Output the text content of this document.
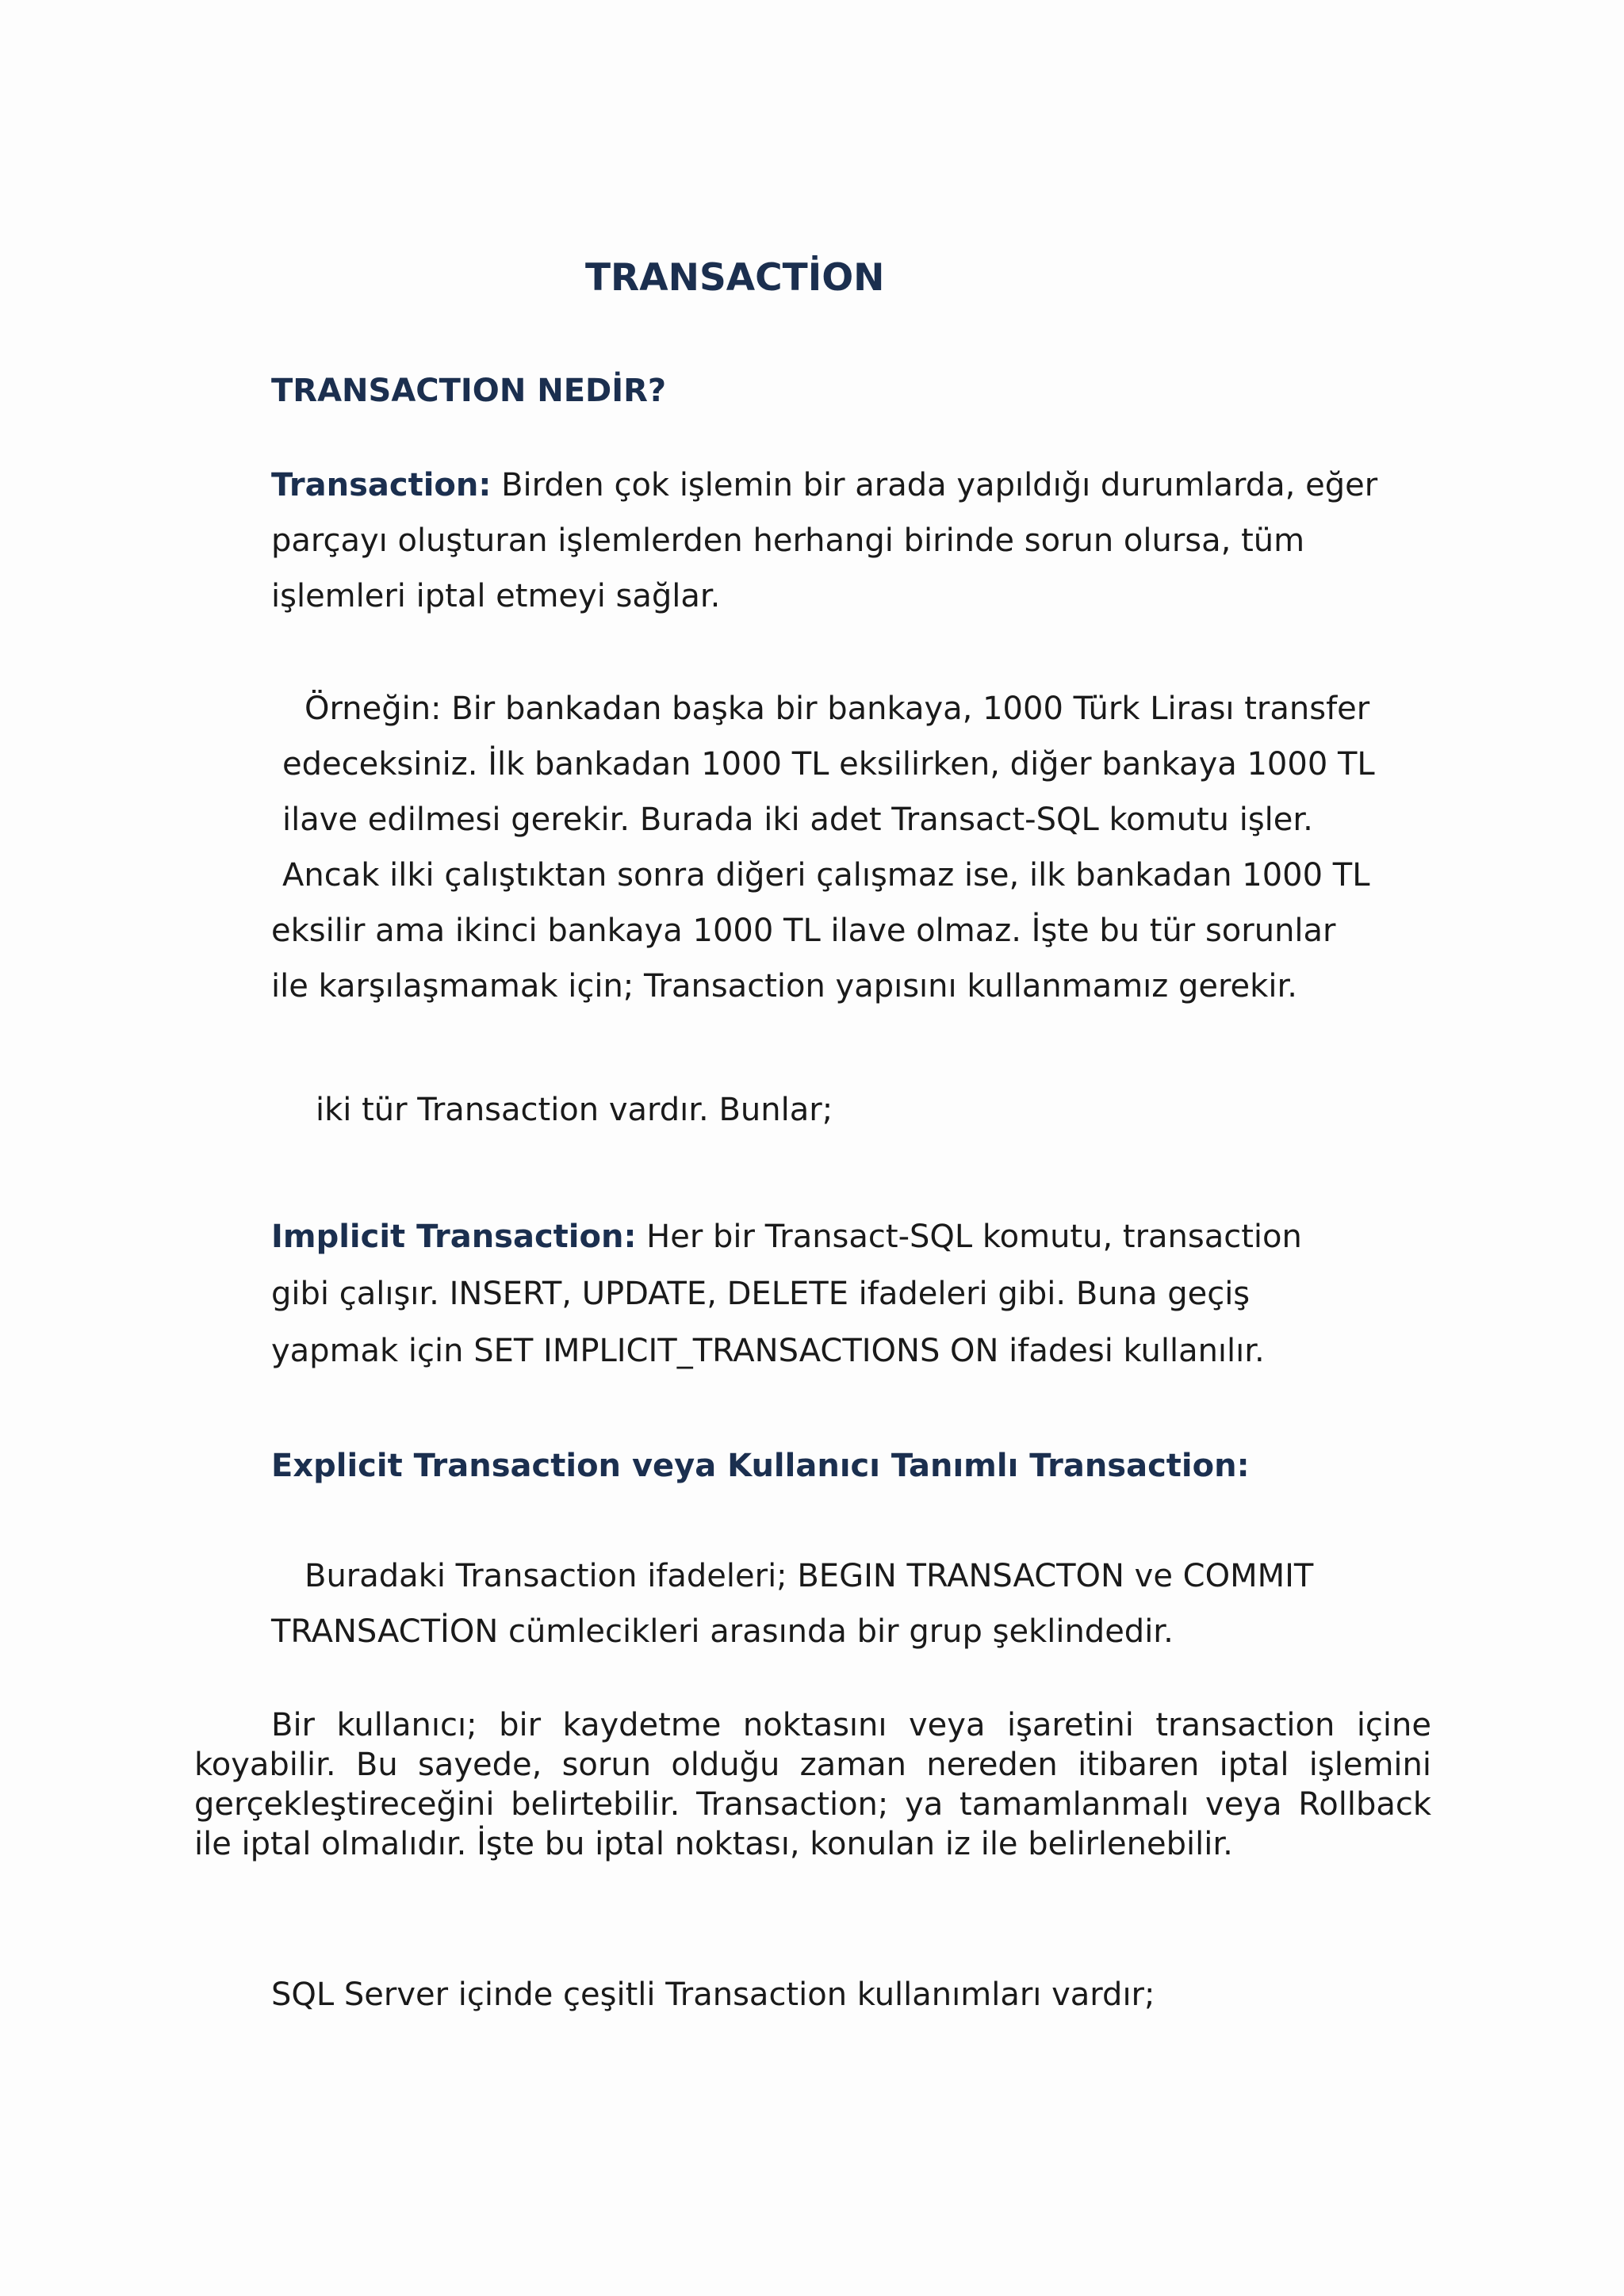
TRANSACTİON
TRANSACTION NEDİR?
Transaction: Birden çok işlemin bir arada yapıldığı durumlarda, eğer
parçayı oluşturan işlemlerden herhangi birinde sorun olursa, tüm
işlemleri iptal etmeyi sağlar.
Örneğin: Bir bankadan başka bir bankaya, 1000 Türk Lirası transfer
edeceksiniz. İlk bankadan 1000 TL eksilirken, diğer bankaya 1000 TL
ilave edilmesi gerekir. Burada iki adet Transact-SQL komutu işler.
Ancak ilki çalıştıktan sonra diğeri çalışmaz ise, ilk bankadan 1000 TL
eksilir ama ikinci bankaya 1000 TL ilave olmaz. İşte bu tür sorunlar
ile karşılaşmamak için; Transaction yapısını kullanmamız gerekir.
iki tür Transaction vardır. Bunlar;
Implicit Transaction: Her bir Transact-SQL komutu, transaction
gibi çalışır. INSERT, UPDATE, DELETE ifadeleri gibi. Buna geçiş
yapmak için SET IMPLICIT_TRANSACTIONS ON ifadesi kullanılır.
Explicit Transaction veya Kullanıcı Tanımlı Transaction:
Buradaki Transaction ifadeleri; BEGIN TRANSACTON ve COMMIT
TRANSACTİON cümlecikleri arasında bir grup şeklindedir.
Bir kullanıcı; bir kaydetme noktasını veya işaretini transaction içine koyabilir. Bu sayede, sorun olduğu zaman nereden itibaren iptal işlemini gerçekleştireceğini belirtebilir. Transaction; ya tamamlanmalı veya Rollback ile iptal olmalıdır. İşte bu iptal noktası, konulan iz ile belirlenebilir.
SQL Server içinde çeşitli Transaction kullanımları vardır;
